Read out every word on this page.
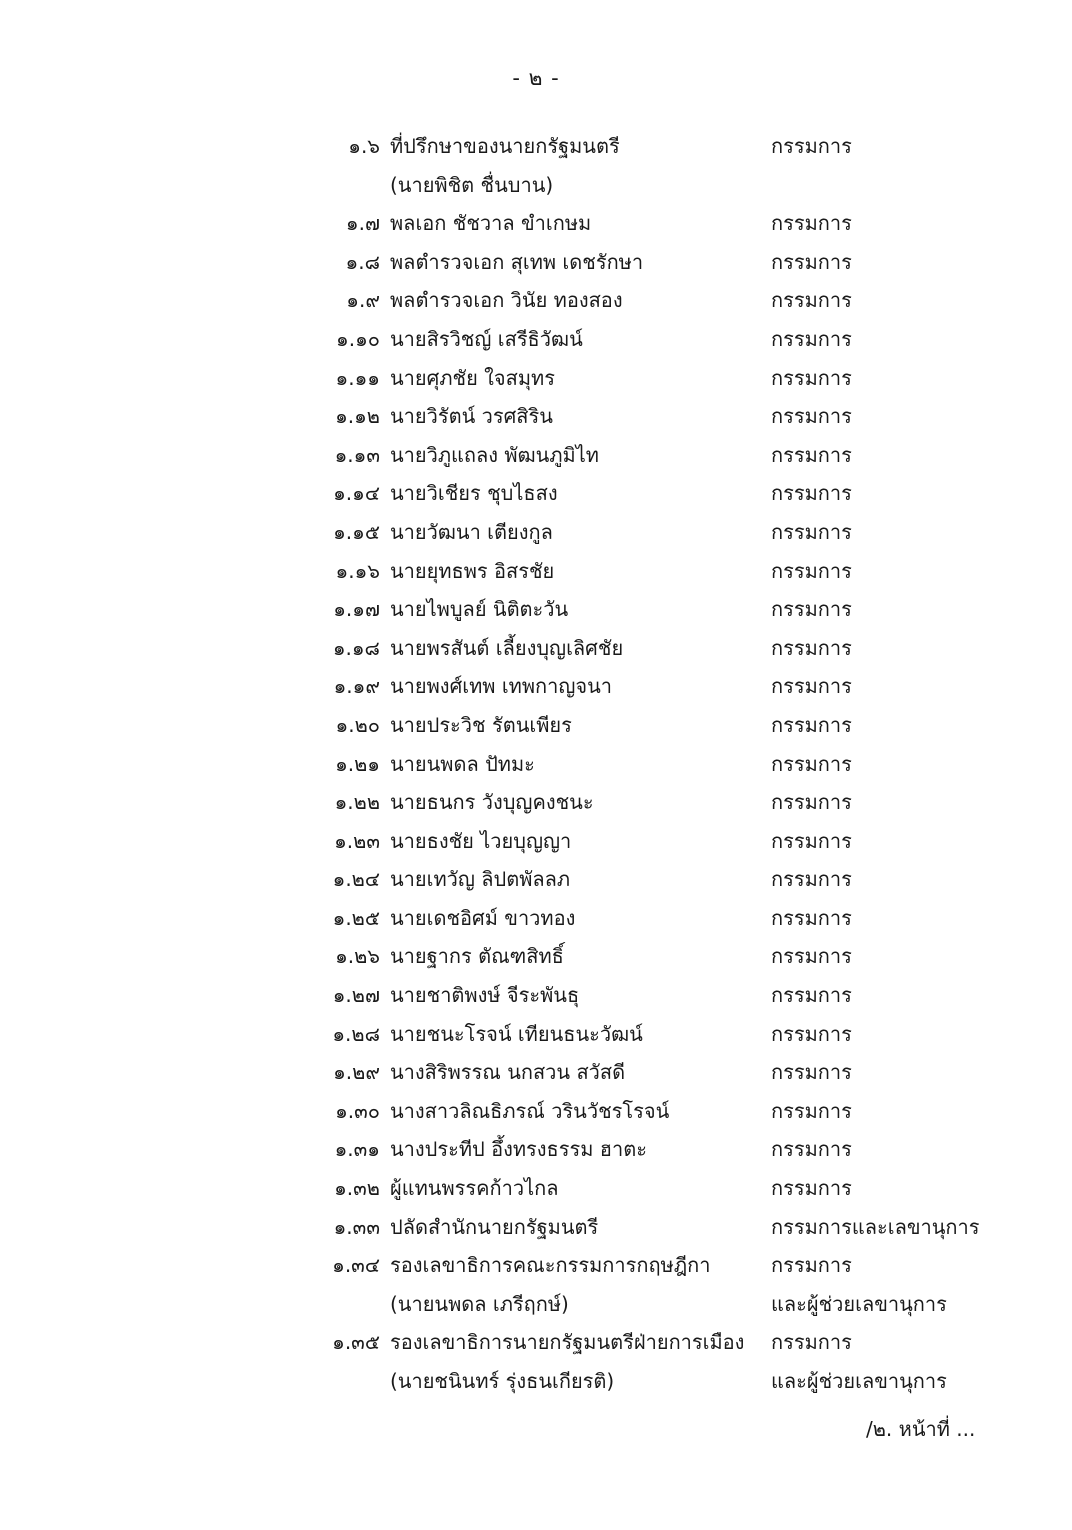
- ๒ -
๑.๖ ที่ปรึกษาของนายกรัฐมนตรี	กรรมการ
(นายพิชิต ชื่นบาน)
๑.๗ พลเอก ชัชวาล ขำเกษม	กรรมการ
๑.๘ พลตำรวจเอก สุเทพ เดชรักษา	กรรมการ
๑.๙ พลตำรวจเอก วินัย ทองสอง	กรรมการ
๑.๑๐ นายสิรวิชญ์ เสรีธิวัฒน์	กรรมการ
๑.๑๑ นายศุภชัย ใจสมุทร	กรรมการ
๑.๑๒ นายวิรัตน์ วรศสิริน	กรรมการ
๑.๑๓ นายวิภูแถลง พัฒนภูมิไท	กรรมการ
๑.๑๔ นายวิเชียร ชุบไธสง	กรรมการ
๑.๑๕ นายวัฒนา เตียงกูล	กรรมการ
๑.๑๖ นายยุทธพร อิสรชัย	กรรมการ
๑.๑๗ นายไพบูลย์ นิติตะวัน	กรรมการ
๑.๑๘ นายพรสันต์ เลี้ยงบุญเลิศชัย	กรรมการ
๑.๑๙ นายพงศ์เทพ เทพกาญจนา	กรรมการ
๑.๒๐ นายประวิช รัตนเพียร	กรรมการ
๑.๒๑ นายนพดล ปัทมะ	กรรมการ
๑.๒๒ นายธนกร วังบุญคงชนะ	กรรมการ
๑.๒๓ นายธงชัย ไวยบุญญา	กรรมการ
๑.๒๔ นายเทวัญ ลิปตพัลลภ	กรรมการ
๑.๒๕ นายเดชอิศม์ ขาวทอง	กรรมการ
๑.๒๖ นายฐากร ตัณฑสิทธิ์	กรรมการ
๑.๒๗ นายชาติพงษ์ จีระพันธุ	กรรมการ
๑.๒๘ นายชนะโรจน์ เทียนธนะวัฒน์	กรรมการ
๑.๒๙ นางสิริพรรณ นกสวน สวัสดี	กรรมการ
๑.๓๐ นางสาวลิณธิภรณ์ วรินวัชรโรจน์	กรรมการ
๑.๓๑ นางประทีป อึ้งทรงธรรม ฮาตะ	กรรมการ
๑.๓๒ ผู้แทนพรรคก้าวไกล	กรรมการ
๑.๓๓ ปลัดสำนักนายกรัฐมนตรี	กรรมการและเลขานุการ
๑.๓๔ รองเลขาธิการคณะกรรมการกฤษฎีกา	กรรมการ
(นายนพดล เภรีฤกษ์)	และผู้ช่วยเลขานุการ
๑.๓๕ รองเลขาธิการนายกรัฐมนตรีฝ่ายการเมือง	กรรมการ
(นายชนินทร์ รุ่งธนเกียรติ)	และผู้ช่วยเลขานุการ
/๒. หน้าที่ ...
